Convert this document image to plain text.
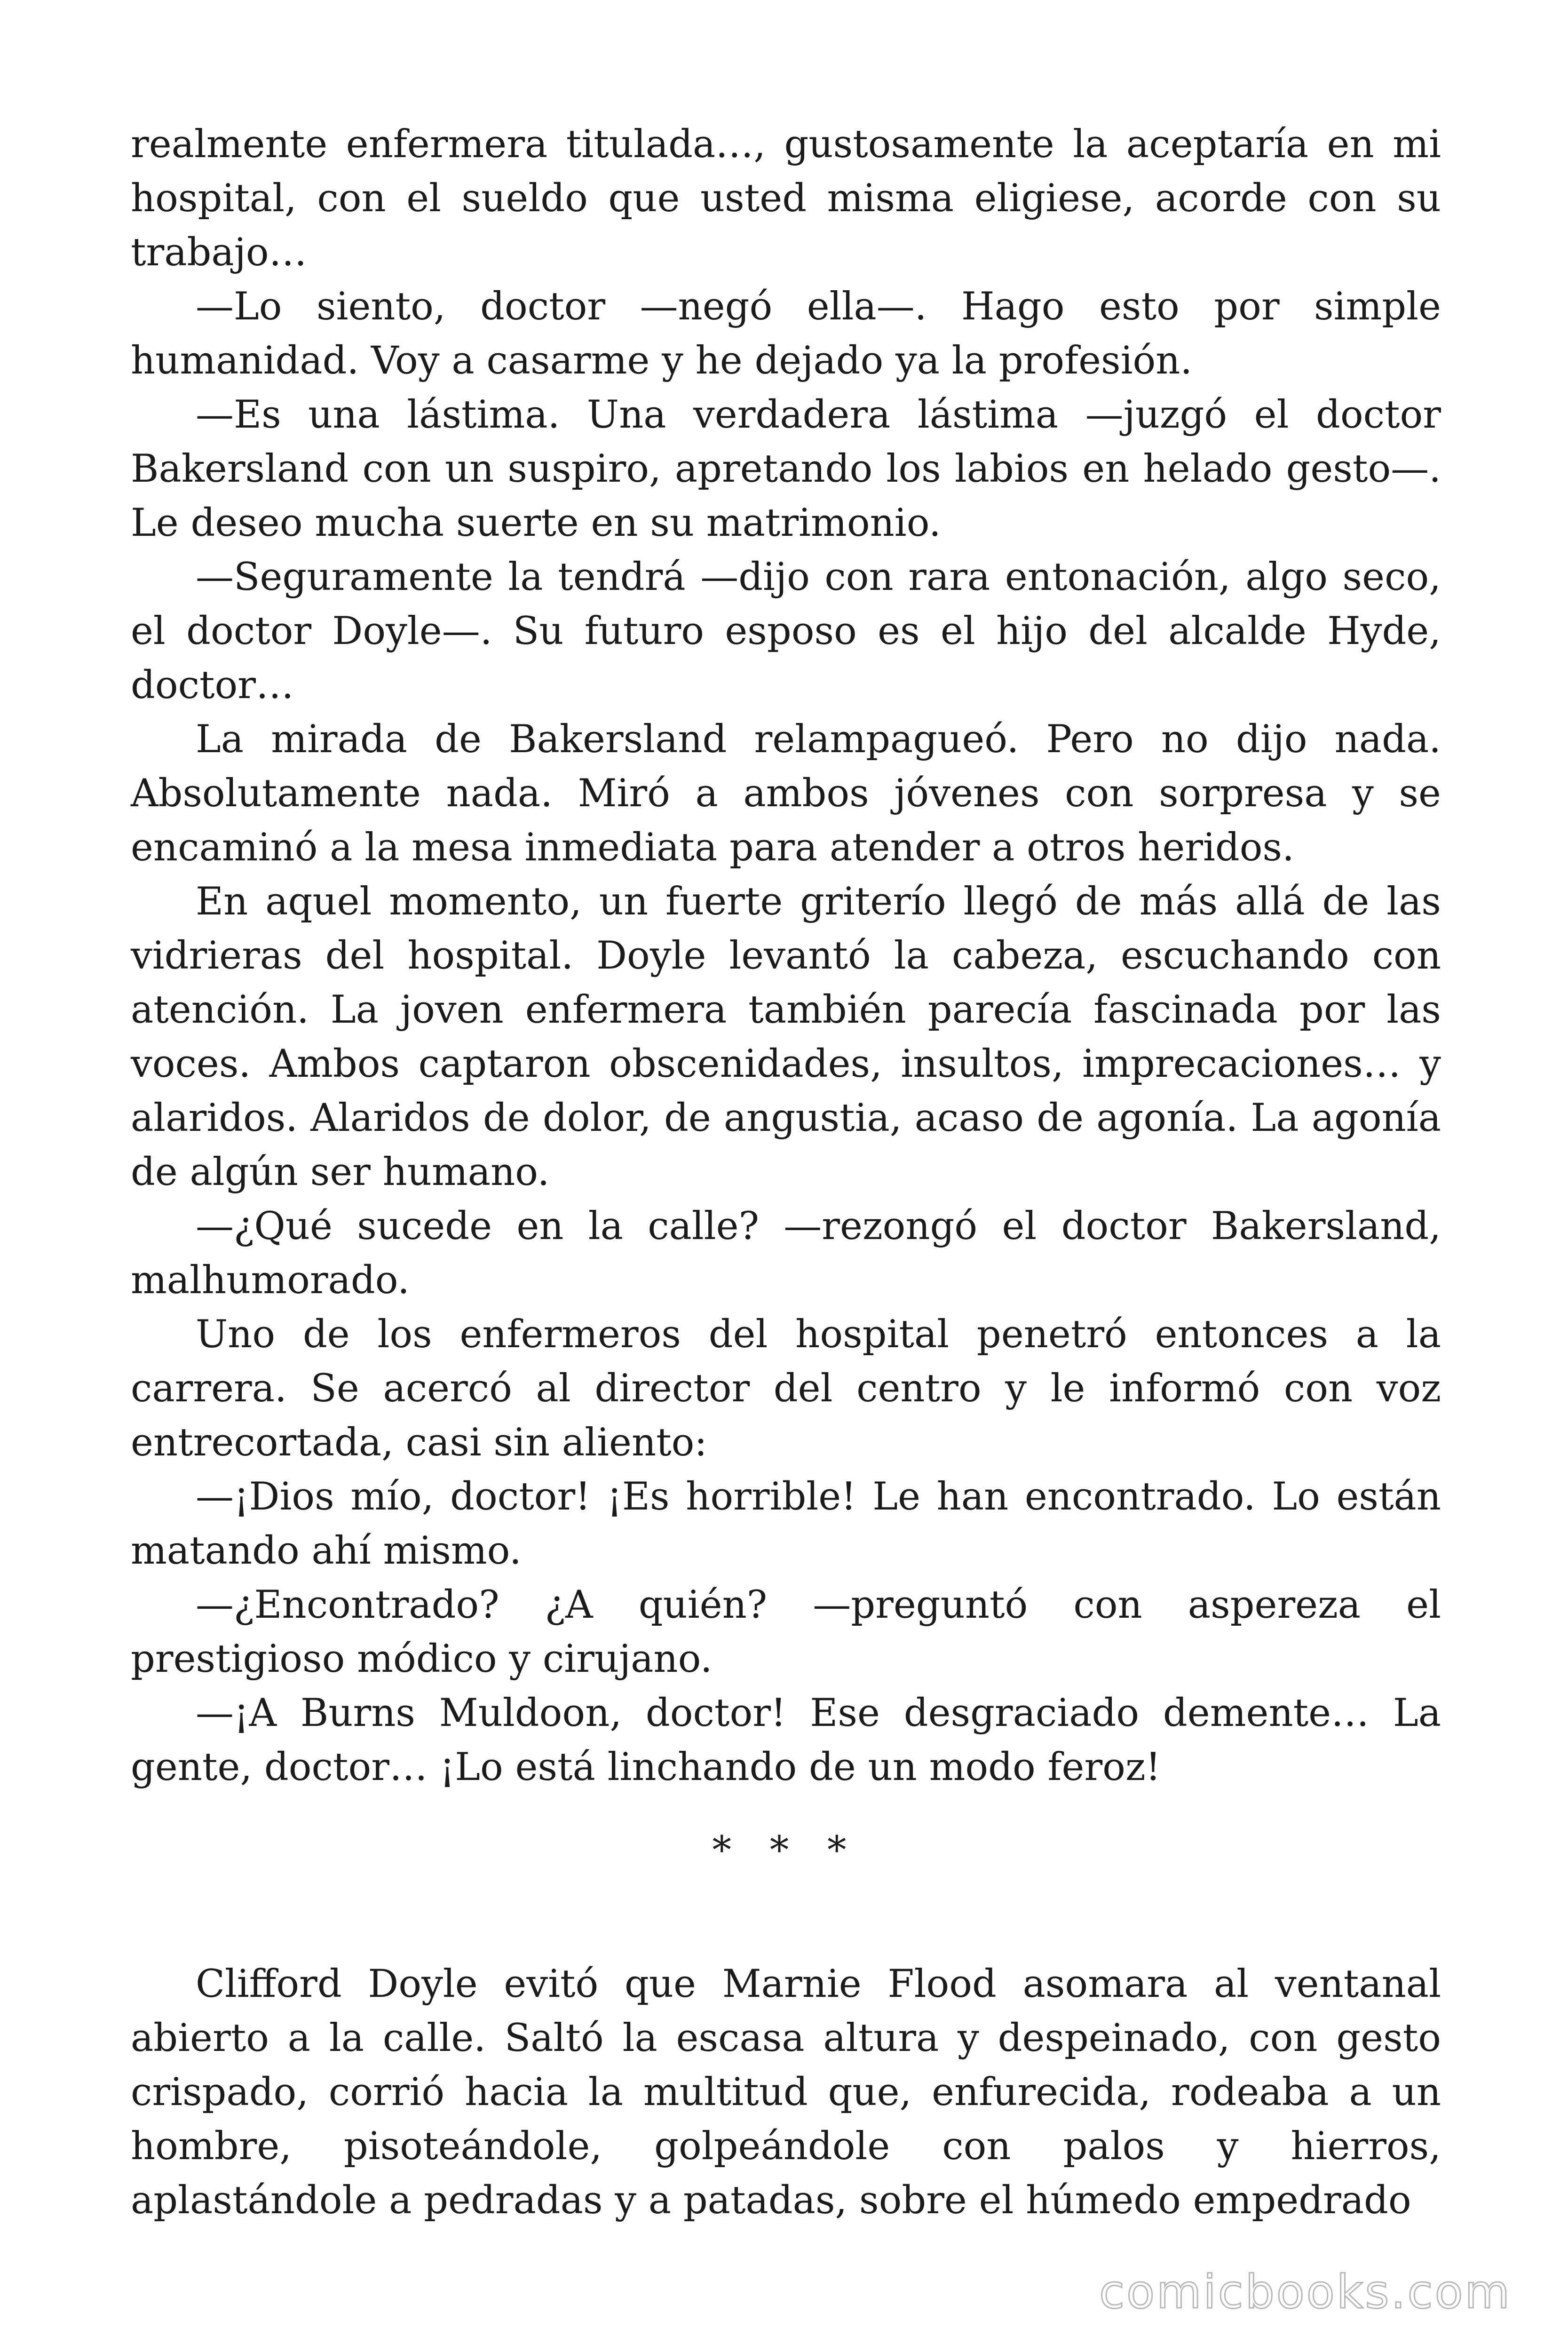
realmente enfermera titulada…, gustosamente la aceptaría en mi hospital, con el sueldo que usted misma eligiese, acorde con su trabajo…

—Lo siento, doctor —negó ella—. Hago esto por simple humanidad. Voy a casarme y he dejado ya la profesión.

—Es una lástima. Una verdadera lástima —juzgó el doctor Bakersland con un suspiro, apretando los labios en helado gesto—. Le deseo mucha suerte en su matrimonio.

—Seguramente la tendrá —dijo con rara entonación, algo seco, el doctor Doyle—. Su futuro esposo es el hijo del alcalde Hyde, doctor…

La mirada de Bakersland relampagueó. Pero no dijo nada. Absolutamente nada. Miró a ambos jóvenes con sorpresa y se encaminó a la mesa inmediata para atender a otros heridos.

En aquel momento, un fuerte griterío llegó de más allá de las vidrieras del hospital. Doyle levantó la cabeza, escuchando con atención. La joven enfermera también parecía fascinada por las voces. Ambos captaron obscenidades, insultos, imprecaciones… y alaridos. Alaridos de dolor, de angustia, acaso de agonía. La agonía de algún ser humano.

—¿Qué sucede en la calle? —rezongó el doctor Bakersland, malhumorado.

Uno de los enfermeros del hospital penetró entonces a la carrera. Se acercó al director del centro y le informó con voz entrecortada, casi sin aliento:

—¡Dios mío, doctor! ¡Es horrible! Le han encontrado. Lo están matando ahí mismo.

—¿Encontrado? ¿A quién? —preguntó con aspereza el prestigioso módico y cirujano.

—¡A Burns Muldoon, doctor! Ese desgraciado demente… La gente, doctor… ¡Lo está linchando de un modo feroz!

* * *

Clifford Doyle evitó que Marnie Flood asomara al ventanal abierto a la calle. Saltó la escasa altura y despeinado, con gesto crispado, corrió hacia la multitud que, enfurecida, rodeaba a un hombre, pisoteándole, golpeándole con palos y hierros, aplastándole a pedradas y a patadas, sobre el húmedo empedrado

comicbooks.com
